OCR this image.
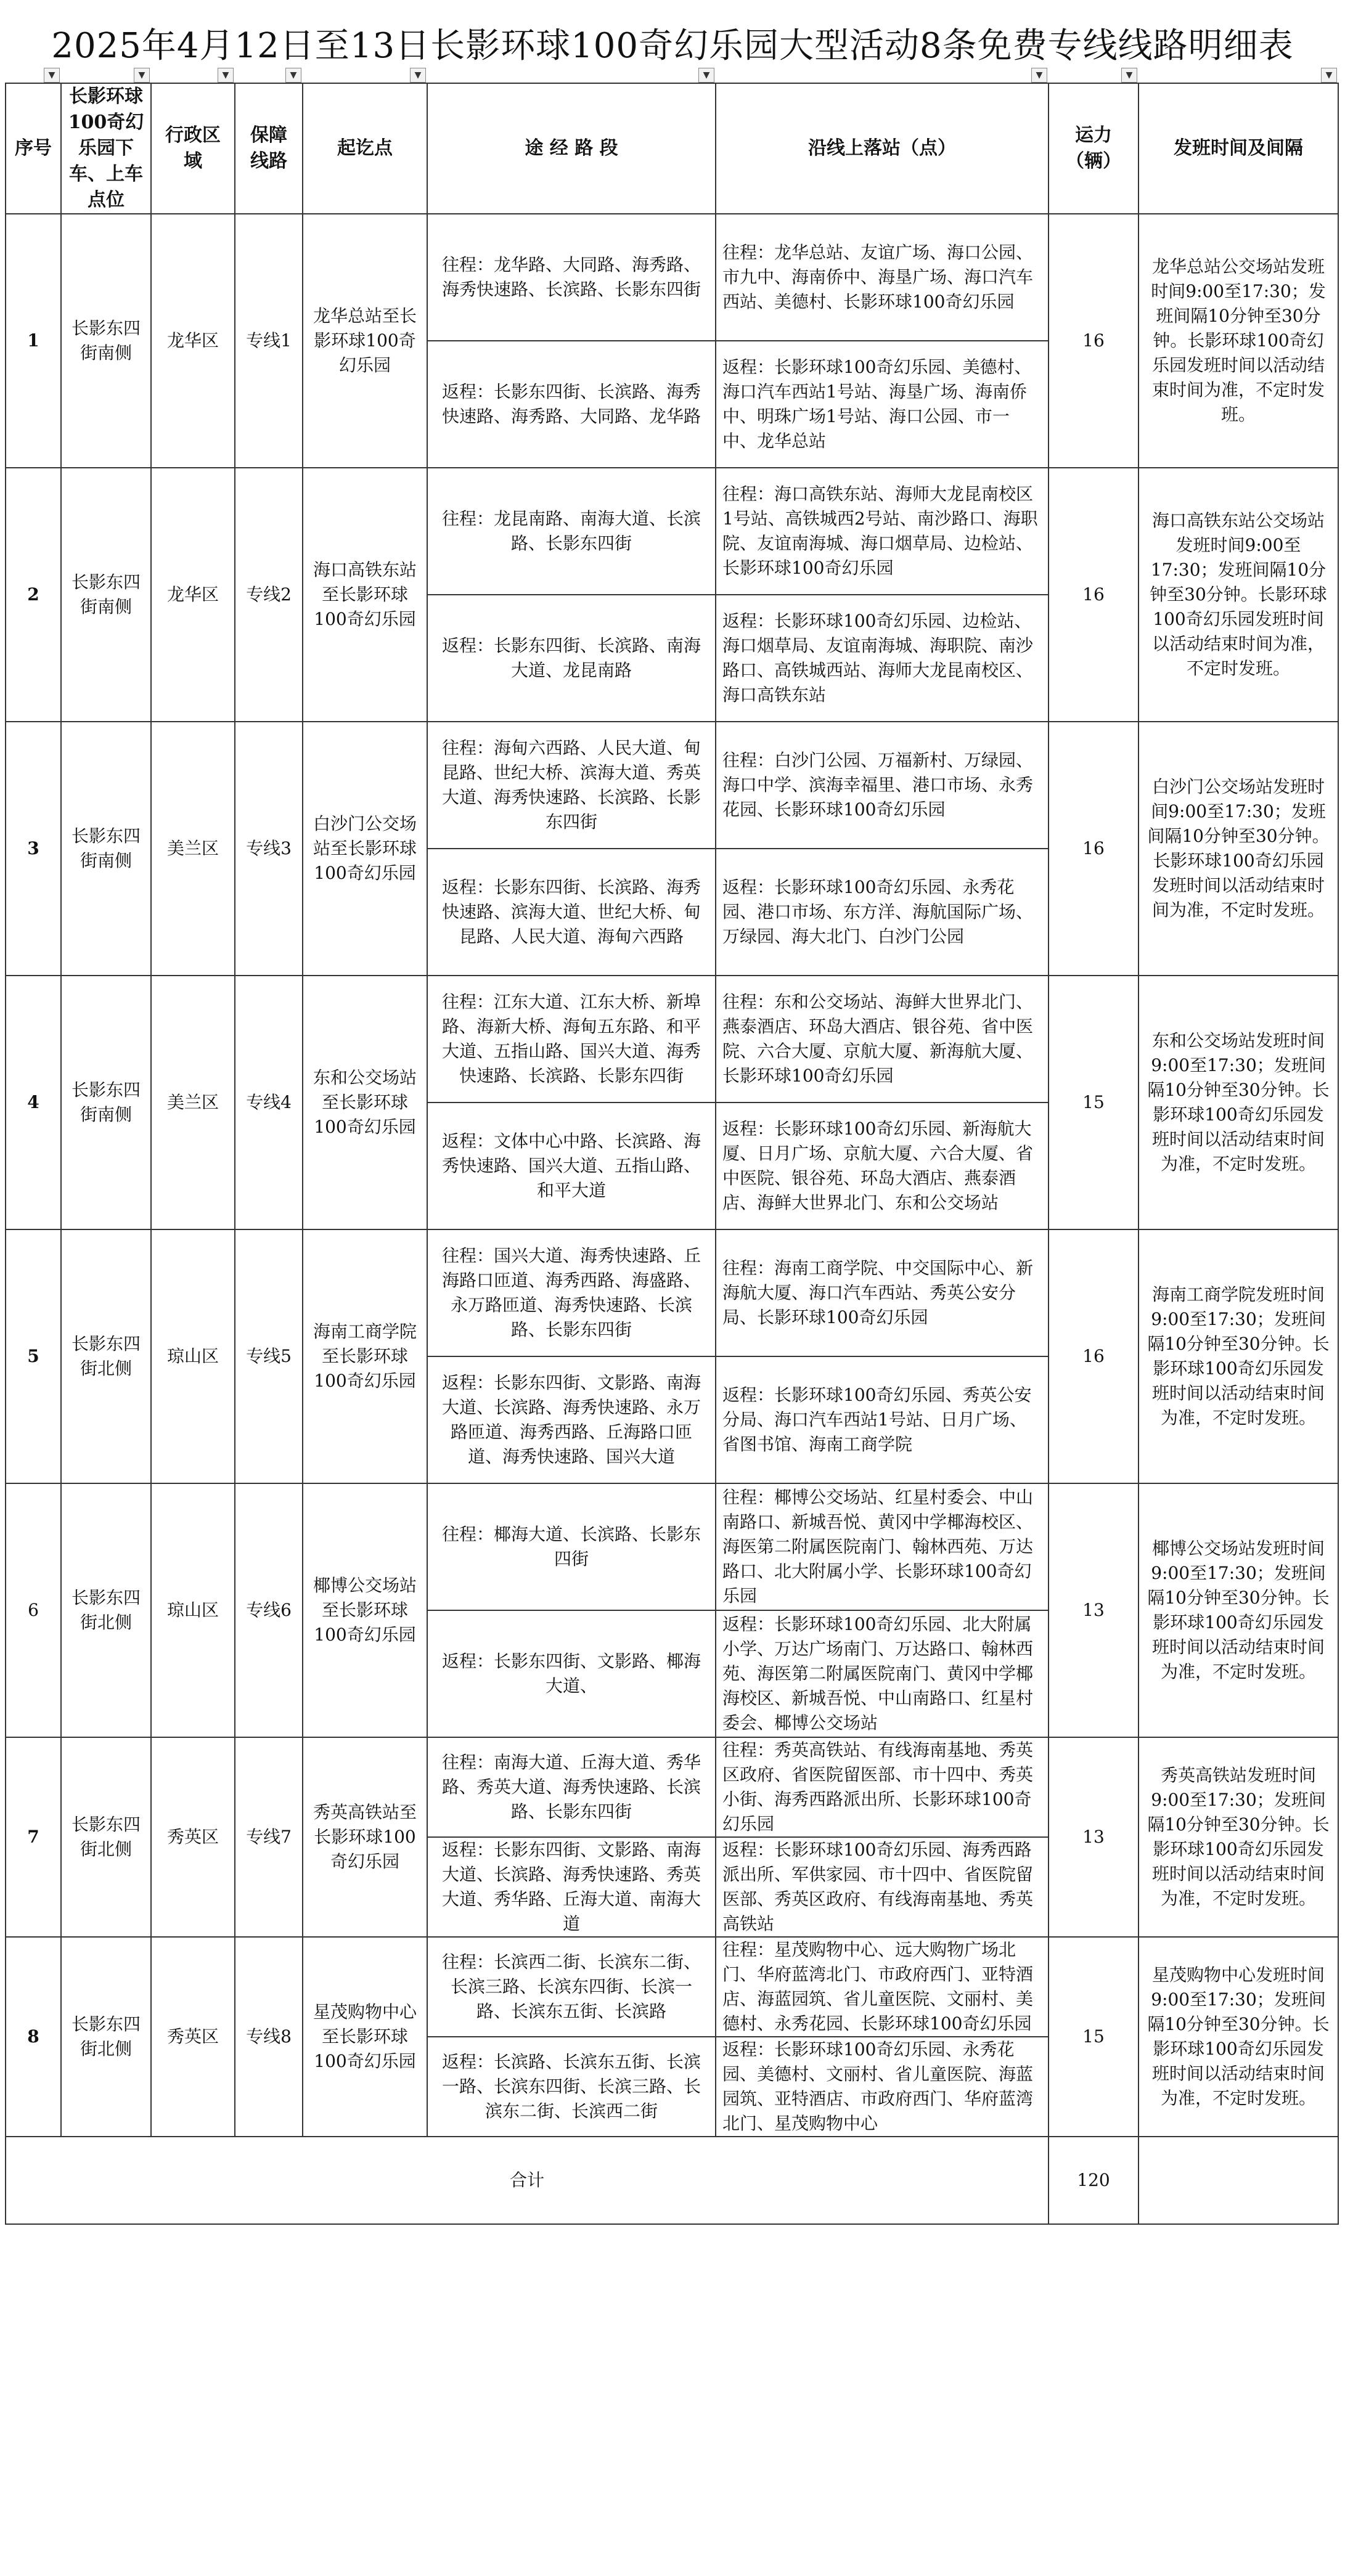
2025年4月12日至13日长影环球100奇幻乐园大型活动8条免费专线线路明细表
▼	▼	▼	▼	▼	▼	▼	▼	▼

序号	长影环球100奇幻乐园下车、上车点位	行政区域	保障线路	起讫点	途 经 路 段	沿线上落站（点）	运力（辆）	发班时间及间隔
1	长影东四街南侧	龙华区	专线1	龙华总站至长影环球100奇幻乐园	往程：龙华路、大同路、海秀路、海秀快速路、长滨路、长影东四街	往程：龙华总站、友谊广场、海口公园、市九中、海南侨中、海垦广场、海口汽车西站、美德村、长影环球100奇幻乐园	16	龙华总站公交场站发班时间9:00至17:30；发班间隔10分钟至30分钟。长影环球100奇幻乐园发班时间以活动结束时间为准，不定时发班。
					返程：长影东四街、长滨路、海秀快速路、海秀路、大同路、龙华路	返程：长影环球100奇幻乐园、美德村、海口汽车西站1号站、海垦广场、海南侨中、明珠广场1号站、海口公园、市一中、龙华总站		
2	长影东四街南侧	龙华区	专线2	海口高铁东站至长影环球100奇幻乐园	往程：龙昆南路、南海大道、长滨路、长影东四街	往程：海口高铁东站、海师大龙昆南校区1号站、高铁城西2号站、南沙路口、海职院、友谊南海城、海口烟草局、边检站、长影环球100奇幻乐园	16	海口高铁东站公交场站发班时间9:00至17:30；发班间隔10分钟至30分钟。长影环球100奇幻乐园发班时间以活动结束时间为准，不定时发班。
					返程：长影东四街、长滨路、南海大道、龙昆南路	返程：长影环球100奇幻乐园、边检站、海口烟草局、友谊南海城、海职院、南沙路口、高铁城西站、海师大龙昆南校区、海口高铁东站		
3	长影东四街南侧	美兰区	专线3	白沙门公交场站至长影环球100奇幻乐园	往程：海甸六西路、人民大道、甸昆路、世纪大桥、滨海大道、秀英大道、海秀快速路、长滨路、长影东四街	往程：白沙门公园、万福新村、万绿园、海口中学、滨海幸福里、港口市场、永秀花园、长影环球100奇幻乐园	16	白沙门公交场站发班时间9:00至17:30；发班间隔10分钟至30分钟。长影环球100奇幻乐园发班时间以活动结束时间为准，不定时发班。
					返程：长影东四街、长滨路、海秀快速路、滨海大道、世纪大桥、甸昆路、人民大道、海甸六西路	返程：长影环球100奇幻乐园、永秀花园、港口市场、东方洋、海航国际广场、万绿园、海大北门、白沙门公园		
4	长影东四街南侧	美兰区	专线4	东和公交场站至长影环球100奇幻乐园	往程：江东大道、江东大桥、新埠路、海新大桥、海甸五东路、和平大道、五指山路、国兴大道、海秀快速路、长滨路、长影东四街	往程：东和公交场站、海鲜大世界北门、燕泰酒店、环岛大酒店、银谷苑、省中医院、六合大厦、京航大厦、新海航大厦、长影环球100奇幻乐园	15	东和公交场站发班时间9:00至17:30；发班间隔10分钟至30分钟。长影环球100奇幻乐园发班时间以活动结束时间为准，不定时发班。
					返程：文体中心中路、长滨路、海秀快速路、国兴大道、五指山路、和平大道	返程：长影环球100奇幻乐园、新海航大厦、日月广场、京航大厦、六合大厦、省中医院、银谷苑、环岛大酒店、燕泰酒店、海鲜大世界北门、东和公交场站		
5	长影东四街北侧	琼山区	专线5	海南工商学院至长影环球100奇幻乐园	往程：国兴大道、海秀快速路、丘海路口匝道、海秀西路、海盛路、永万路匝道、海秀快速路、长滨路、长影东四街	往程：海南工商学院、中交国际中心、新海航大厦、海口汽车西站、秀英公安分局、长影环球100奇幻乐园	16	海南工商学院发班时间9:00至17:30；发班间隔10分钟至30分钟。长影环球100奇幻乐园发班时间以活动结束时间为准，不定时发班。
					返程：长影东四街、文影路、南海大道、长滨路、海秀快速路、永万路匝道、海秀西路、丘海路口匝道、海秀快速路、国兴大道	返程：长影环球100奇幻乐园、秀英公安分局、海口汽车西站1号站、日月广场、省图书馆、海南工商学院		
6	长影东四街北侧	琼山区	专线6	椰博公交场站至长影环球100奇幻乐园	往程：椰海大道、长滨路、长影东四街	往程：椰博公交场站、红星村委会、中山南路口、新城吾悦、黄冈中学椰海校区、海医第二附属医院南门、翰林西苑、万达路口、北大附属小学、长影环球100奇幻乐园	13	椰博公交场站发班时间9:00至17:30；发班间隔10分钟至30分钟。长影环球100奇幻乐园发班时间以活动结束时间为准，不定时发班。
					返程：长影东四街、文影路、椰海大道、	返程：长影环球100奇幻乐园、北大附属小学、万达广场南门、万达路口、翰林西苑、海医第二附属医院南门、黄冈中学椰海校区、新城吾悦、中山南路口、红星村委会、椰博公交场站		
7	长影东四街北侧	秀英区	专线7	秀英高铁站至长影环球100奇幻乐园	往程：南海大道、丘海大道、秀华路、秀英大道、海秀快速路、长滨路、长影东四街	往程：秀英高铁站、有线海南基地、秀英区政府、省医院留医部、市十四中、秀英小街、海秀西路派出所、长影环球100奇幻乐园	13	秀英高铁站发班时间9:00至17:30；发班间隔10分钟至30分钟。长影环球100奇幻乐园发班时间以活动结束时间为准，不定时发班。
					返程：长影东四街、文影路、南海大道、长滨路、海秀快速路、秀英大道、秀华路、丘海大道、南海大道	返程：长影环球100奇幻乐园、海秀西路派出所、军供家园、市十四中、省医院留医部、秀英区政府、有线海南基地、秀英高铁站		
8	长影东四街北侧	秀英区	专线8	星茂购物中心至长影环球100奇幻乐园	往程：长滨西二街、长滨东二街、长滨三路、长滨东四街、长滨一路、长滨东五街、长滨路	往程：星茂购物中心、远大购物广场北门、华府蓝湾北门、市政府西门、亚特酒店、海蓝园筑、省儿童医院、文丽村、美德村、永秀花园、长影环球100奇幻乐园	15	星茂购物中心发班时间9:00至17:30；发班间隔10分钟至30分钟。长影环球100奇幻乐园发班时间以活动结束时间为准，不定时发班。
					返程：长滨路、长滨东五街、长滨一路、长滨东四街、长滨三路、长滨东二街、长滨西二街	返程：长影环球100奇幻乐园、永秀花园、美德村、文丽村、省儿童医院、海蓝园筑、亚特酒店、市政府西门、华府蓝湾北门、星茂购物中心		
合计							120	
